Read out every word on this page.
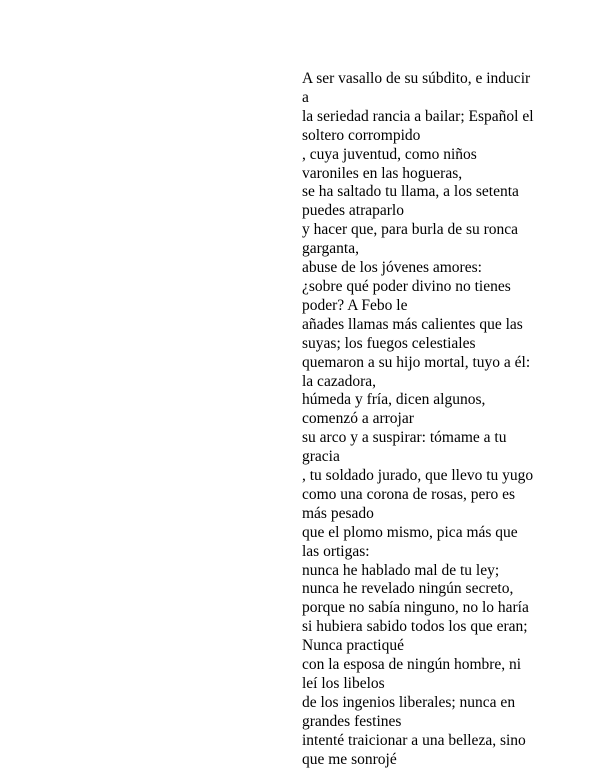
A ser vasallo de su súbdito, e inducir
a
la seriedad rancia a bailar; Español el
soltero corrompido
, cuya juventud, como niños
varoniles en las hogueras,
se ha saltado tu llama, a los setenta
puedes atraparlo
y hacer que, para burla de su ronca
garganta,
abuse de los jóvenes amores:
¿sobre qué poder divino no tienes
poder? A Febo le
añades llamas más calientes que las
suyas; los fuegos celestiales
quemaron a su hijo mortal, tuyo a él:
la cazadora,
húmeda y fría, dicen algunos,
comenzó a arrojar
su arco y a suspirar: tómame a tu
gracia
, tu soldado jurado, que llevo tu yugo
como una corona de rosas, pero es
más pesado
que el plomo mismo, pica más que
las ortigas:
nunca he hablado mal de tu ley;
nunca he revelado ningún secreto,
porque no sabía ninguno, no lo haría
si hubiera sabido todos los que eran;
Nunca practiqué
con la esposa de ningún hombre, ni
leí los libelos
de los ingenios liberales; nunca en
grandes festines
intenté traicionar a una belleza, sino
que me sonrojé
